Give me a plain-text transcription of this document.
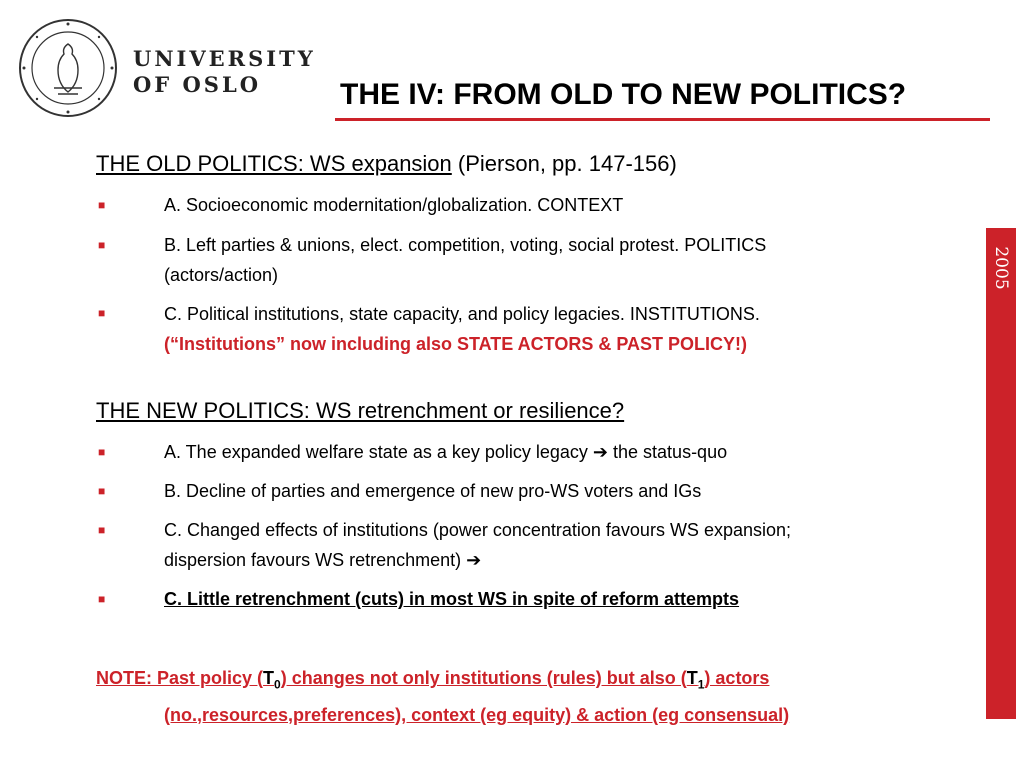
UNIVERSITY
OF OSLO	THE IV: FROM OLD TO NEW POLITICS?
2005
THE OLD POLITICS: WS expansion (Pierson, pp. 147-156)
■	A. Socioeconomic modernitation/globalization. CONTEXT
■	B. Left parties & unions, elect. competition, voting, social protest. POLITICS
(actors/action)
■	C. Political institutions, state capacity, and policy legacies. INSTITUTIONS.
(“Institutions” now including also STATE ACTORS & PAST POLICY!)
THE NEW POLITICS: WS retrenchment or resilience?
■	A. The expanded welfare state as a key policy legacy ➔ the status-quo
■	B. Decline of parties and emergence of new pro-WS voters and IGs
■	C. Changed effects of institutions (power concentration favours WS expansion;
dispersion favours WS retrenchment) ➔
■	C. Little retrenchment (cuts) in most WS in spite of reform attempts
NOTE: Past policy $(T_0)$ changes not only institutions (rules) but also $(T_1)$ actors
(no.,resources,preferences), context (eg equity) & action (eg consensual)
